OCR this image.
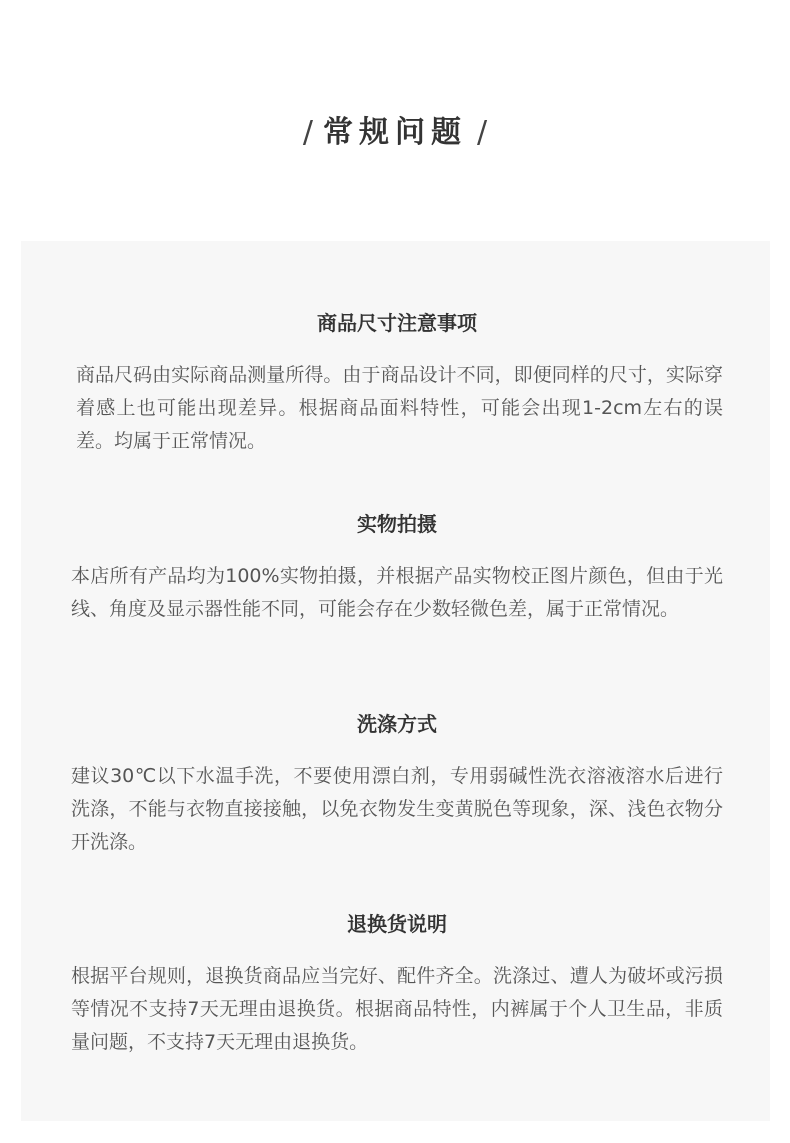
/ 常规问题 /
商品尺寸注意事项

商品尺码由实际商品测量所得。由于商品设计不同，即便同样的尺寸，实际穿着感上也可能出现差异。根据商品面料特性，可能会出现1-2cm左右的误差。均属于正常情况。

实物拍摄

本店所有产品均为100%实物拍摄，并根据产品实物校正图片颜色，但由于光线、角度及显示器性能不同，可能会存在少数轻微色差，属于正常情况。

洗涤方式

建议30℃以下水温手洗，不要使用漂白剂，专用弱碱性洗衣溶液溶水后进行洗涤，不能与衣物直接接触，以免衣物发生变黄脱色等现象，深、浅色衣物分开洗涤。

退换货说明

根据平台规则，退换货商品应当完好、配件齐全。洗涤过、遭人为破坏或污损等情况不支持7天无理由退换货。根据商品特性，内裤属于个人卫生品，非质量问题，不支持7天无理由退换货。
